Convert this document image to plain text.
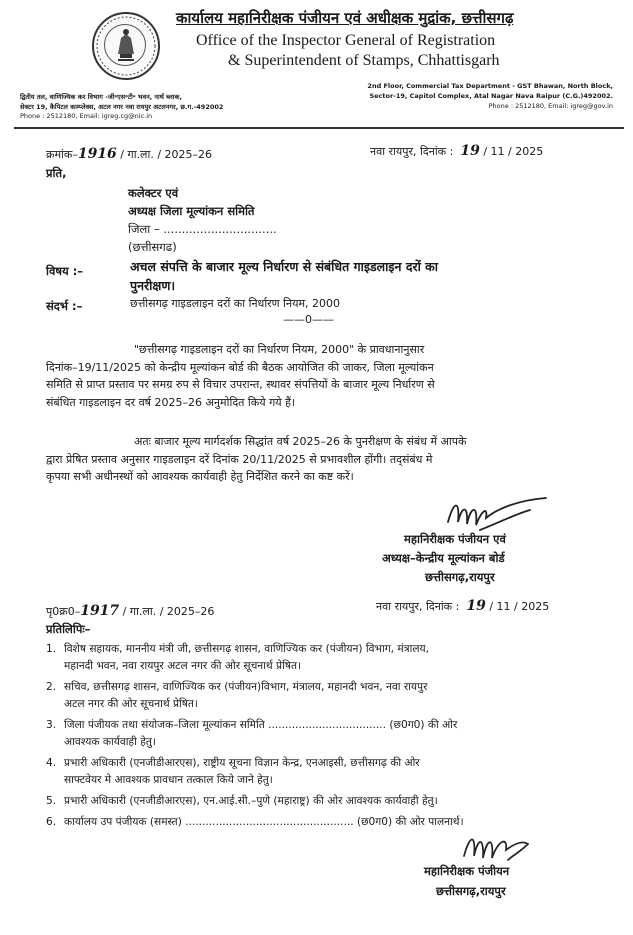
कार्यालय महानिरीक्षक पंजीयन एवं अधीक्षक मुद्रांक, छत्तीसगढ़
Office of the Inspector General of Registration
& Superintendent of Stamps, Chhattisgarh
द्वितीय तल, वाणिज्यिक कर विभाग -जी॰एस॰टी॰ भवन, नार्थ ब्लाक,
सेक्टर 19, कैपिटल काम्प्लेक्स, अटल नगर नवा रायपुर अटलनगर, छ.ग.-492002
Phone : 2512180, Email: igreg.cg@nic.in
2nd Floor, Commercial Tax Department - GST Bhawan, North Block,
Sector-19, Capitol Complex, Atal Nagar Nava Raipur (C.G.)492002.
Phone : 2512180, Email: igreg@gov.in
क्रमांक–1916 / गा.ला. / 2025–26	नवा रायपुर, दिनांक : 19 / 11 / 2025
प्रति,
कलेक्टर एवं
अध्यक्ष जिला मूल्यांकन समिति
जिला – ...............................
(छत्तीसगढ)
विषय :–	अचल संपत्ति के बाजार मूल्य निर्धारण से संबंधित गाइडलाइन दरों का
पुनरीक्षण।
संदर्भ :–	छत्तीसगढ़ गाइडलाइन दरों का निर्धारण नियम, 2000
——0——
"छत्तीसगढ़ गाइडलाइन दरों का निर्धारण नियम, 2000" के प्रावधानानुसार
दिनांक–19/11/2025 को केन्द्रीय मूल्यांकन बोर्ड की बैठक आयोजित की जाकर, जिला मूल्यांकन
समिति से प्राप्त प्रस्ताव पर समग्र रुप से विचार उपरान्त, स्थावर संपत्तियों के बाजार मूल्य निर्धारण से
संबंधित गाइडलाइन दर वर्ष 2025–26 अनुमोदित किये गये हैं।
अतः बाजार मूल्य मार्गदर्शक सिद्धांत वर्ष 2025–26 के पुनरीक्षण के संबंध में आपके
द्वारा प्रेषित प्रस्ताव अनुसार गाइडलाइन दरें दिनांक 20/11/2025 से प्रभावशील होंगी। तद्संबंध मे
कृपया सभी अधीनस्थों को आवश्यक कार्यवाही हेतु निर्देशित करने का कष्ट करें।
महानिरीक्षक पंजीयन एवं
अध्यक्ष–केन्द्रीय मूल्यांकन बोर्ड
छत्तीसगढ़,रायपुर
पृ0क्र0–1917 / गा.ला. / 2025–26	नवा रायपुर, दिनांक : 19 / 11 / 2025
प्रतिलिपिः–
1. विशेष सहायक, माननीय मंत्री जी, छत्तीसगढ़ शासन, वाणिज्यिक कर (पंजीयन) विभाग, मंत्रालय,
महानदी भवन, नवा रायपुर अटल नगर की ओर सूचनार्थ प्रेषित।
2. सचिव, छत्तीसगढ़ शासन, वाणिज्यिक कर (पंजीयन)विभाग, मंत्रालय, महानदी भवन, नवा रायपुर
अटल नगर की ओर सूचनार्थ प्रेषित।
3. जिला पंजीयक तथा संयोजक–जिला मूल्यांकन समिति ................................... (छ0ग0) की ओर
आवश्यक कार्यवाही हेतु।
4. प्रभारी अधिकारी (एनजीडीआरएस), राष्ट्रीय सूचना विज्ञान केन्द्र, एनआइसी, छत्तीसगढ़ की ओर
साफ्टवेयर मे आवश्यक प्रावधान तत्काल किये जाने हेतु।
5. प्रभारी अधिकारी (एनजीडीआरएस), एन.आई.सी.–पुणे (महाराष्ट्र) की ओर आवश्यक कार्यवाही हेतु।
6. कार्यालय उप पंजीयक (समस्त) .................................................. (छ0ग0) की ओर पालनार्थ।
महानिरीक्षक पंजीयन
छत्तीसगढ़,रायपुर
